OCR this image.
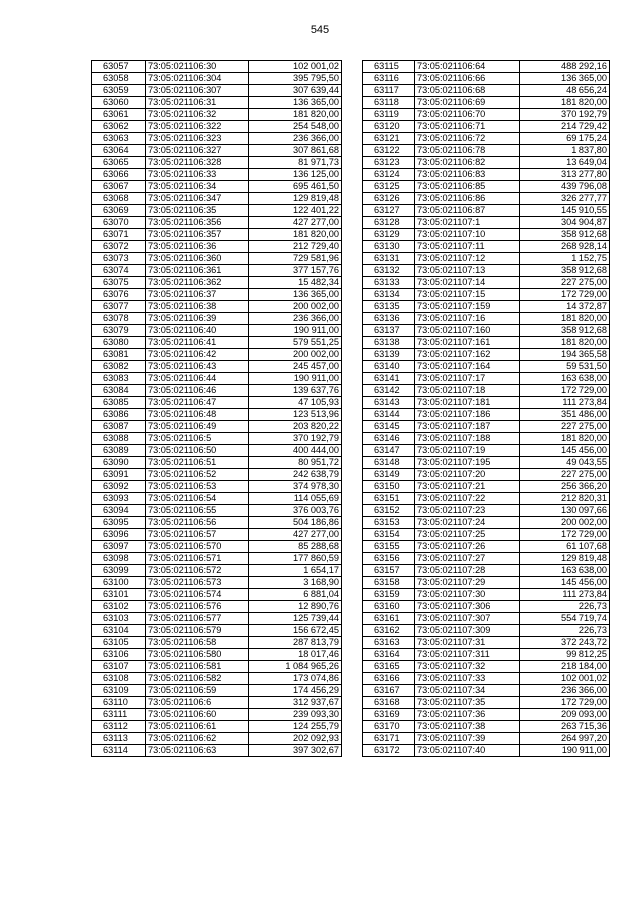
545
63057	73:05:021106:30	102 001,02
63058	73:05:021106:304	395 795,50
63059	73:05:021106:307	307 639,44
63060	73:05:021106:31	136 365,00
63061	73:05:021106:32	181 820,00
63062	73:05:021106:322	254 548,00
63063	73:05:021106:323	236 366,00
63064	73:05:021106:327	307 861,68
63065	73:05:021106:328	81 971,73
63066	73:05:021106:33	136 125,00
63067	73:05:021106:34	695 461,50
63068	73:05:021106:347	129 819,48
63069	73:05:021106:35	122 401,22
63070	73:05:021106:356	427 277,00
63071	73:05:021106:357	181 820,00
63072	73:05:021106:36	212 729,40
63073	73:05:021106:360	729 581,96
63074	73:05:021106:361	377 157,76
63075	73:05:021106:362	15 482,34
63076	73:05:021106:37	136 365,00
63077	73:05:021106:38	200 002,00
63078	73:05:021106:39	236 366,00
63079	73:05:021106:40	190 911,00
63080	73:05:021106:41	579 551,25
63081	73:05:021106:42	200 002,00
63082	73:05:021106:43	245 457,00
63083	73:05:021106:44	190 911,00
63084	73:05:021106:46	139 637,76
63085	73:05:021106:47	47 105,93
63086	73:05:021106:48	123 513,96
63087	73:05:021106:49	203 820,22
63088	73:05:021106:5	370 192,79
63089	73:05:021106:50	400 444,00
63090	73:05:021106:51	80 951,72
63091	73:05:021106:52	242 638,79
63092	73:05:021106:53	374 978,30
63093	73:05:021106:54	114 055,69
63094	73:05:021106:55	376 003,76
63095	73:05:021106:56	504 186,86
63096	73:05:021106:57	427 277,00
63097	73:05:021106:570	85 288,68
63098	73:05:021106:571	177 860,59
63099	73:05:021106:572	1 654,17
63100	73:05:021106:573	3 168,90
63101	73:05:021106:574	6 881,04
63102	73:05:021106:576	12 890,76
63103	73:05:021106:577	125 739,44
63104	73:05:021106:579	156 672,45
63105	73:05:021106:58	287 813,79
63106	73:05:021106:580	18 017,46
63107	73:05:021106:581	1 084 965,26
63108	73:05:021106:582	173 074,86
63109	73:05:021106:59	174 456,29
63110	73:05:021106:6	312 937,67
63111	73:05:021106:60	239 093,30
63112	73:05:021106:61	124 255,79
63113	73:05:021106:62	202 092,93
63114	73:05:021106:63	397 302,67
63115	73:05:021106:64	488 292,16
63116	73:05:021106:66	136 365,00
63117	73:05:021106:68	48 656,24
63118	73:05:021106:69	181 820,00
63119	73:05:021106:70	370 192,79
63120	73:05:021106:71	214 729,42
63121	73:05:021106:72	69 175,24
63122	73:05:021106:78	1 837,80
63123	73:05:021106:82	13 649,04
63124	73:05:021106:83	313 277,80
63125	73:05:021106:85	439 796,08
63126	73:05:021106:86	326 277,77
63127	73:05:021106:87	145 910,55
63128	73:05:021107:1	304 904,87
63129	73:05:021107:10	358 912,68
63130	73:05:021107:11	268 928,14
63131	73:05:021107:12	1 152,75
63132	73:05:021107:13	358 912,68
63133	73:05:021107:14	227 275,00
63134	73:05:021107:15	172 729,00
63135	73:05:021107:159	14 372,87
63136	73:05:021107:16	181 820,00
63137	73:05:021107:160	358 912,68
63138	73:05:021107:161	181 820,00
63139	73:05:021107:162	194 365,58
63140	73:05:021107:164	59 531,50
63141	73:05:021107:17	163 638,00
63142	73:05:021107:18	172 729,00
63143	73:05:021107:181	111 273,84
63144	73:05:021107:186	351 486,00
63145	73:05:021107:187	227 275,00
63146	73:05:021107:188	181 820,00
63147	73:05:021107:19	145 456,00
63148	73:05:021107:195	49 043,55
63149	73:05:021107:20	227 275,00
63150	73:05:021107:21	256 366,20
63151	73:05:021107:22	212 820,31
63152	73:05:021107:23	130 097,66
63153	73:05:021107:24	200 002,00
63154	73:05:021107:25	172 729,00
63155	73:05:021107:26	61 107,68
63156	73:05:021107:27	129 819,48
63157	73:05:021107:28	163 638,00
63158	73:05:021107:29	145 456,00
63159	73:05:021107:30	111 273,84
63160	73:05:021107:306	226,73
63161	73:05:021107:307	554 719,74
63162	73:05:021107:309	226,73
63163	73:05:021107:31	372 243,72
63164	73:05:021107:311	99 812,25
63165	73:05:021107:32	218 184,00
63166	73:05:021107:33	102 001,02
63167	73:05:021107:34	236 366,00
63168	73:05:021107:35	172 729,00
63169	73:05:021107:36	209 093,00
63170	73:05:021107:38	263 715,36
63171	73:05:021107:39	264 997,20
63172	73:05:021107:40	190 911,00
